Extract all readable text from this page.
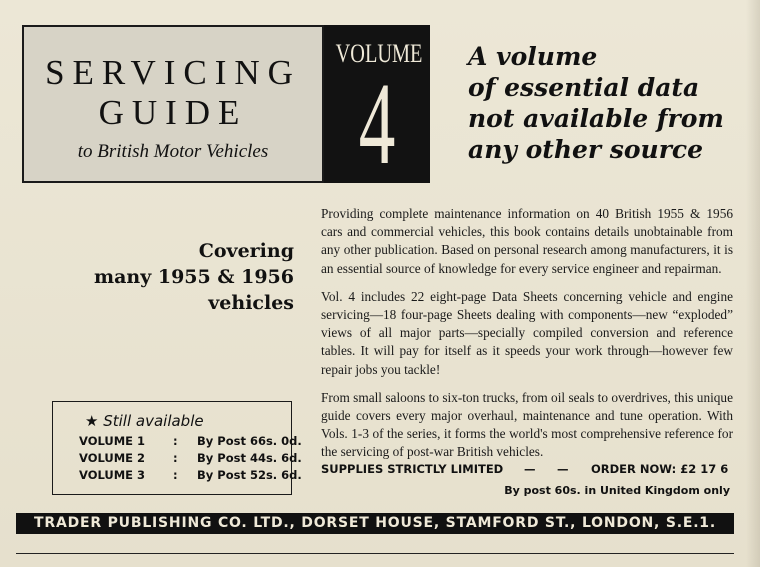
SERVICING
GUIDE
to British Motor Vehicles
VOLUME
4
A volume
of essential data
not available from
any other source
Covering
many 1955 & 1956
vehicles

Providing complete maintenance information on 40 British 1955 & 1956 cars and commercial vehicles, this book contains details unobtainable from any other publication. Based on personal research among manufacturers, it is an essential source of knowledge for every service engineer and repairman.

Vol. 4 includes 22 eight-page Data Sheets concerning vehicle and engine servicing—18 four-page Sheets dealing with components—new “exploded” views of all major parts—specially compiled conversion and reference tables. It will pay for itself as it speeds your work through—however few repair jobs you tackle!

From small saloons to six-ton trucks, from oil seals to overdrives, this unique guide covers every major overhaul, maintenance and tune operation. With Vols. 1-3 of the series, it forms the world's most comprehensive reference for the servicing of post-war British vehicles.

★ Still available
VOLUME 1 : By Post 66s. 0d.
VOLUME 2 : By Post 44s. 6d.
VOLUME 3 : By Post 52s. 6d. SUPPLIES STRICTLY LIMITED — — ORDER NOW: £2 17 6
By post 60s. in United Kingdom only
TRADER PUBLISHING CO. LTD., DORSET HOUSE, STAMFORD ST., LONDON, S.E.1.
